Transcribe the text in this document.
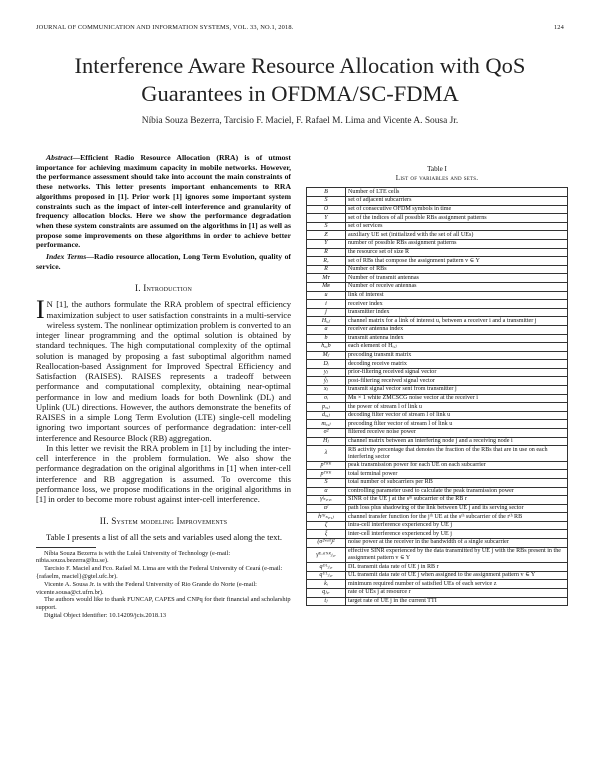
JOURNAL OF COMMUNICATION AND INFORMATION SYSTEMS, VOL. 33, NO.1, 2018.	124
Interference Aware Resource Allocation with QoS Guarantees in OFDMA/SC-FDMA
Níbia Souza Bezerra, Tarcisio F. Maciel, F. Rafael M. Lima and Vicente A. Sousa Jr.

Abstract—Efficient Radio Resource Allocation (RRA) is of utmost importance for achieving maximum capacity in mobile networks. However, the performance assessment should take into account the main constraints of these networks. This letter presents important enhancements to RRA algorithms proposed in [1]. Prior work [1] ignores some important system constraints such as the impact of inter-cell interference and granularity of frequency allocation blocks. Here we show the performance degradation when these system constraints are assumed on the algorithms in [1] as well as propose some improvements on these algorithms in order to achieve better performance.

Index Terms—Radio resource allocation, Long Term Evolution, quality of service.
I. Introduction

I N [1], the authors formulate the RRA problem of spectral efficiency maximization subject to user satisfaction constraints in a multi-service wireless system. The nonlinear optimization problem is converted to an integer linear programming and the optimal solution is obtained by standard techniques. The high computational complexity of the optimal solution is managed by proposing a fast suboptimal algorithm named Reallocation-based Assignment for Improved Spectral Efficiency and Satisfaction (RAISES). RAISES represents a tradeoff between performance and computational complexity, obtaining near-optimal performance in low and medium loads for both Downlink (DL) and Uplink (UL) directions. However, the authors demonstrate the benefits of RAISES in a simple Long Term Evolution (LTE) single-cell modeling ignoring two important sources of performance degradation: inter-cell interference and Resource Block (RB) aggregation.

In this letter we revisit the RRA problem in [1] by including the inter-cell interference in the problem formulation. We also show the performance degradation on the original algorithms in [1] when inter-cell interference and RB aggregation is assumed. To overcome this performance loss, we propose modifications in the original algorithms in [1] in order to become more robust against inter-cell interference.

II. System modeling Improvements

Table I presents a list of all the sets and variables used along the text.

Níbia Souza Bezerra is with the Luleå University of Technology (e-mail: nibia.souza.bezerra@ltu.se).

Tarcisio F. Maciel and Fco. Rafael M. Lima are with the Federal University of Ceará (e-mail: {rafaelm, maciel}@gtel.ufc.br).

Vicente A. Sousa Jr. is with the Federal University of Rio Grande do Norte (e-mail: vicente.sousa@ct.ufrn.br).

The authors would like to thank FUNCAP, CAPES and CNPq for their financial and scholarship support.

Digital Object Identifier: 10.14209/jcis.2018.13

Table I
List of variables and sets.
B	Number of LTE cells
S	set of adjacent subcarriers
O	set of consecutive OFDM symbols in time
Y	set of the indices of all possible RBs assignment patterns
S	set of services
Ƶ	auxiliary UE set (initialized with the set of all UEs)
Υ	number of possible RBs assignment patterns
R	the resource set of size R
Rᵥ	set of RBs that compose the assignment pattern v ∈ Y
R	Number of RBs
Mᴛ	Number of transmit antennas
Mʀ	Number of receive antennas
u	link of interest
i	receiver index
j	transmitter index
Hᵢ,ⱼ	channel matrix for a link of interest u, between a receiver i and a transmitter j
a	receiver antenna index
b	transmit antenna index
hₐ,b	each element of Hᵢ,ⱼ
Mⱼ	precoding transmit matrix
Dᵢ	decoding receive matrix
yⱼ	prior-filtering received signal vector
ŷⱼ	post-filtering received signal vector
xⱼ	transmit signal vector sent from transmitter j
σᵢ	Mʀ × 1 white ZMCSCG noise vector at the receiver i
pᵤ,ⱼ	the power of stream l of link u
dᵤ,ⱼ	decoding filter vector of stream l of link u
mᵤ,ⱼ	precoding filter vector of stream l of link u
σ²	filtered receive noise power
Hⱼ	channel matrix between an interfering node j and a receiving node i
λ	RB activity percentage that denotes the fraction of the RBs that are in use on each interfering sector
pᵀᴿᴷ	peak transmission power for each UE on each subcarrier
pᵀᴿᴷ	total terminal power
S	total number of subcarriers per RB
α	controlling parameter used to calculate the peak transmission power
γʲₛ,ᵣ,ₓ	SINR of the UE j at the sᵗʰ subcarrier of the RB r
αʲ	path loss plus shadowing of the link between UE j and its serving sector
hᴵᴷₛ,ᵣ,ⱼ	channel transfer function for the jᵗʰ UE at the sᵗʰ subcarrier of the rᵗʰ RB
ζ	intra-cell interference experienced by UE j
ξ	inter-cell interference experienced by UE j
(σ²ʷᵃᵇ)²	noise power at the receiver in the bandwidth of a single subcarrier
γ̄ᴱ·ˢᴵᴺᴿⱼ,ᵥ	effective SINR experienced by the data transmitted by UE j with the RBs present in the assignment pattern v ∈ Y
qᴰᴸⱼ,ᵣ	DL transmit data rate of UE j in RB r
qᵁᴸⱼ,ᵥ	UL transmit data rate of UE j when assigned to the assignment pattern v ∈ Y
kᵢ	minimum required number of satisfied UEs of each service z
qⱼ,ᵣ	rate of UEs j at resource r
tⱼ	target rate of UE j in the current TTI
